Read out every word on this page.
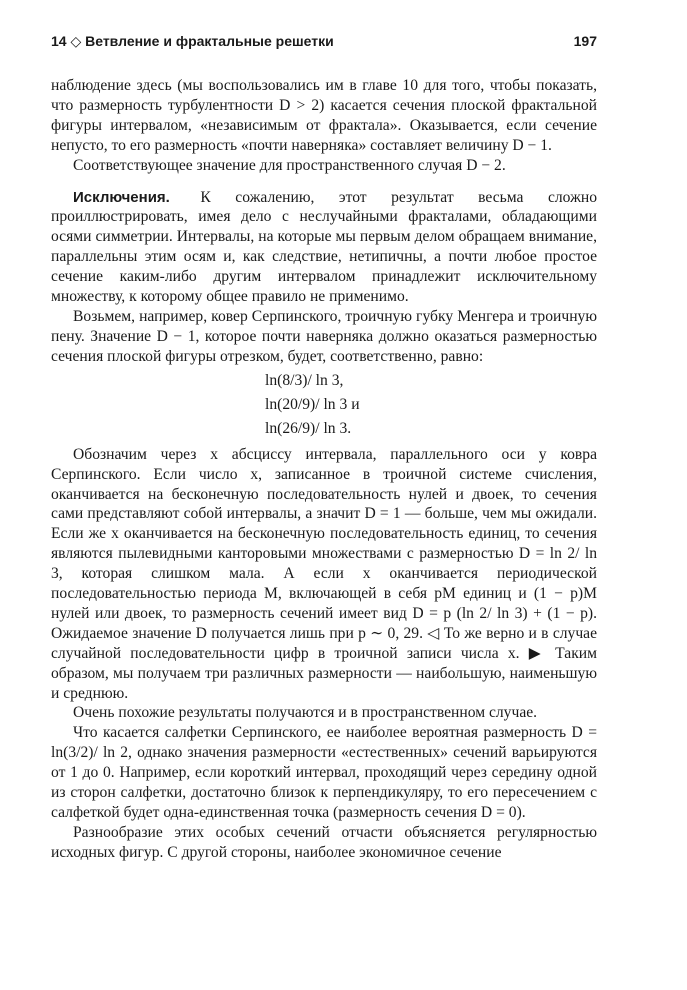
14 ◇ Ветвление и фрактальные решетки	197

наблюдение здесь (мы воспользовались им в главе 10 для того, чтобы показать, что размерность турбулентности D > 2) касается сечения плоской фрактальной фигуры интервалом, «независимым от фрактала». Оказывается, если сечение непусто, то его размерность «почти наверняка» составляет величину D − 1.

Соответствующее значение для пространственного случая D − 2.

Исключения. К сожалению, этот результат весьма сложно проиллюстрировать, имея дело с неслучайными фракталами, обладающими осями симметрии. Интервалы, на которые мы первым делом обращаем внимание, параллельны этим осям и, как следствие, нетипичны, а почти любое простое сечение каким-либо другим интервалом принадлежит исключительному множеству, к которому общее правило не применимо.

Возьмем, например, ковер Серпинского, троичную губку Менгера и троичную пену. Значение D − 1, которое почти наверняка должно оказаться размерностью сечения плоской фигуры отрезком, будет, соответственно, равно:

ln(8/3)/ ln 3,
ln(20/9)/ ln 3 и
ln(26/9)/ ln 3.

Обозначим через x абсциссу интервала, параллельного оси y ковра Серпинского. Если число x, записанное в троичной системе счисления, оканчивается на бесконечную последовательность нулей и двоек, то сечения сами представляют собой интервалы, а значит D = 1 — больше, чем мы ожидали. Если же x оканчивается на бесконечную последовательность единиц, то сечения являются пылевидными канторовыми множествами с размерностью D = ln 2/ ln 3, которая слишком мала. А если x оканчивается периодической последовательностью периода M, включающей в себя pM единиц и (1 − p)M нулей или двоек, то размерность сечений имеет вид D = p (ln 2/ ln 3) + (1 − p). Ожидаемое значение D получается лишь при p ∼ 0, 29. ◁ То же верно и в случае случайной последовательности цифр в троичной записи числа x. ▶ Таким образом, мы получаем три различных размерности — наибольшую, наименьшую и среднюю.

Очень похожие результаты получаются и в пространственном случае.

Что касается салфетки Серпинского, ее наиболее вероятная размерность D = ln(3/2)/ ln 2, однако значения размерности «естественных» сечений варьируются от 1 до 0. Например, если короткий интервал, проходящий через середину одной из сторон салфетки, достаточно близок к перпендикуляру, то его пересечением с салфеткой будет одна-единственная точка (размерность сечения D = 0).

Разнообразие этих особых сечений отчасти объясняется регулярностью исходных фигур. С другой стороны, наиболее экономичное сечение
